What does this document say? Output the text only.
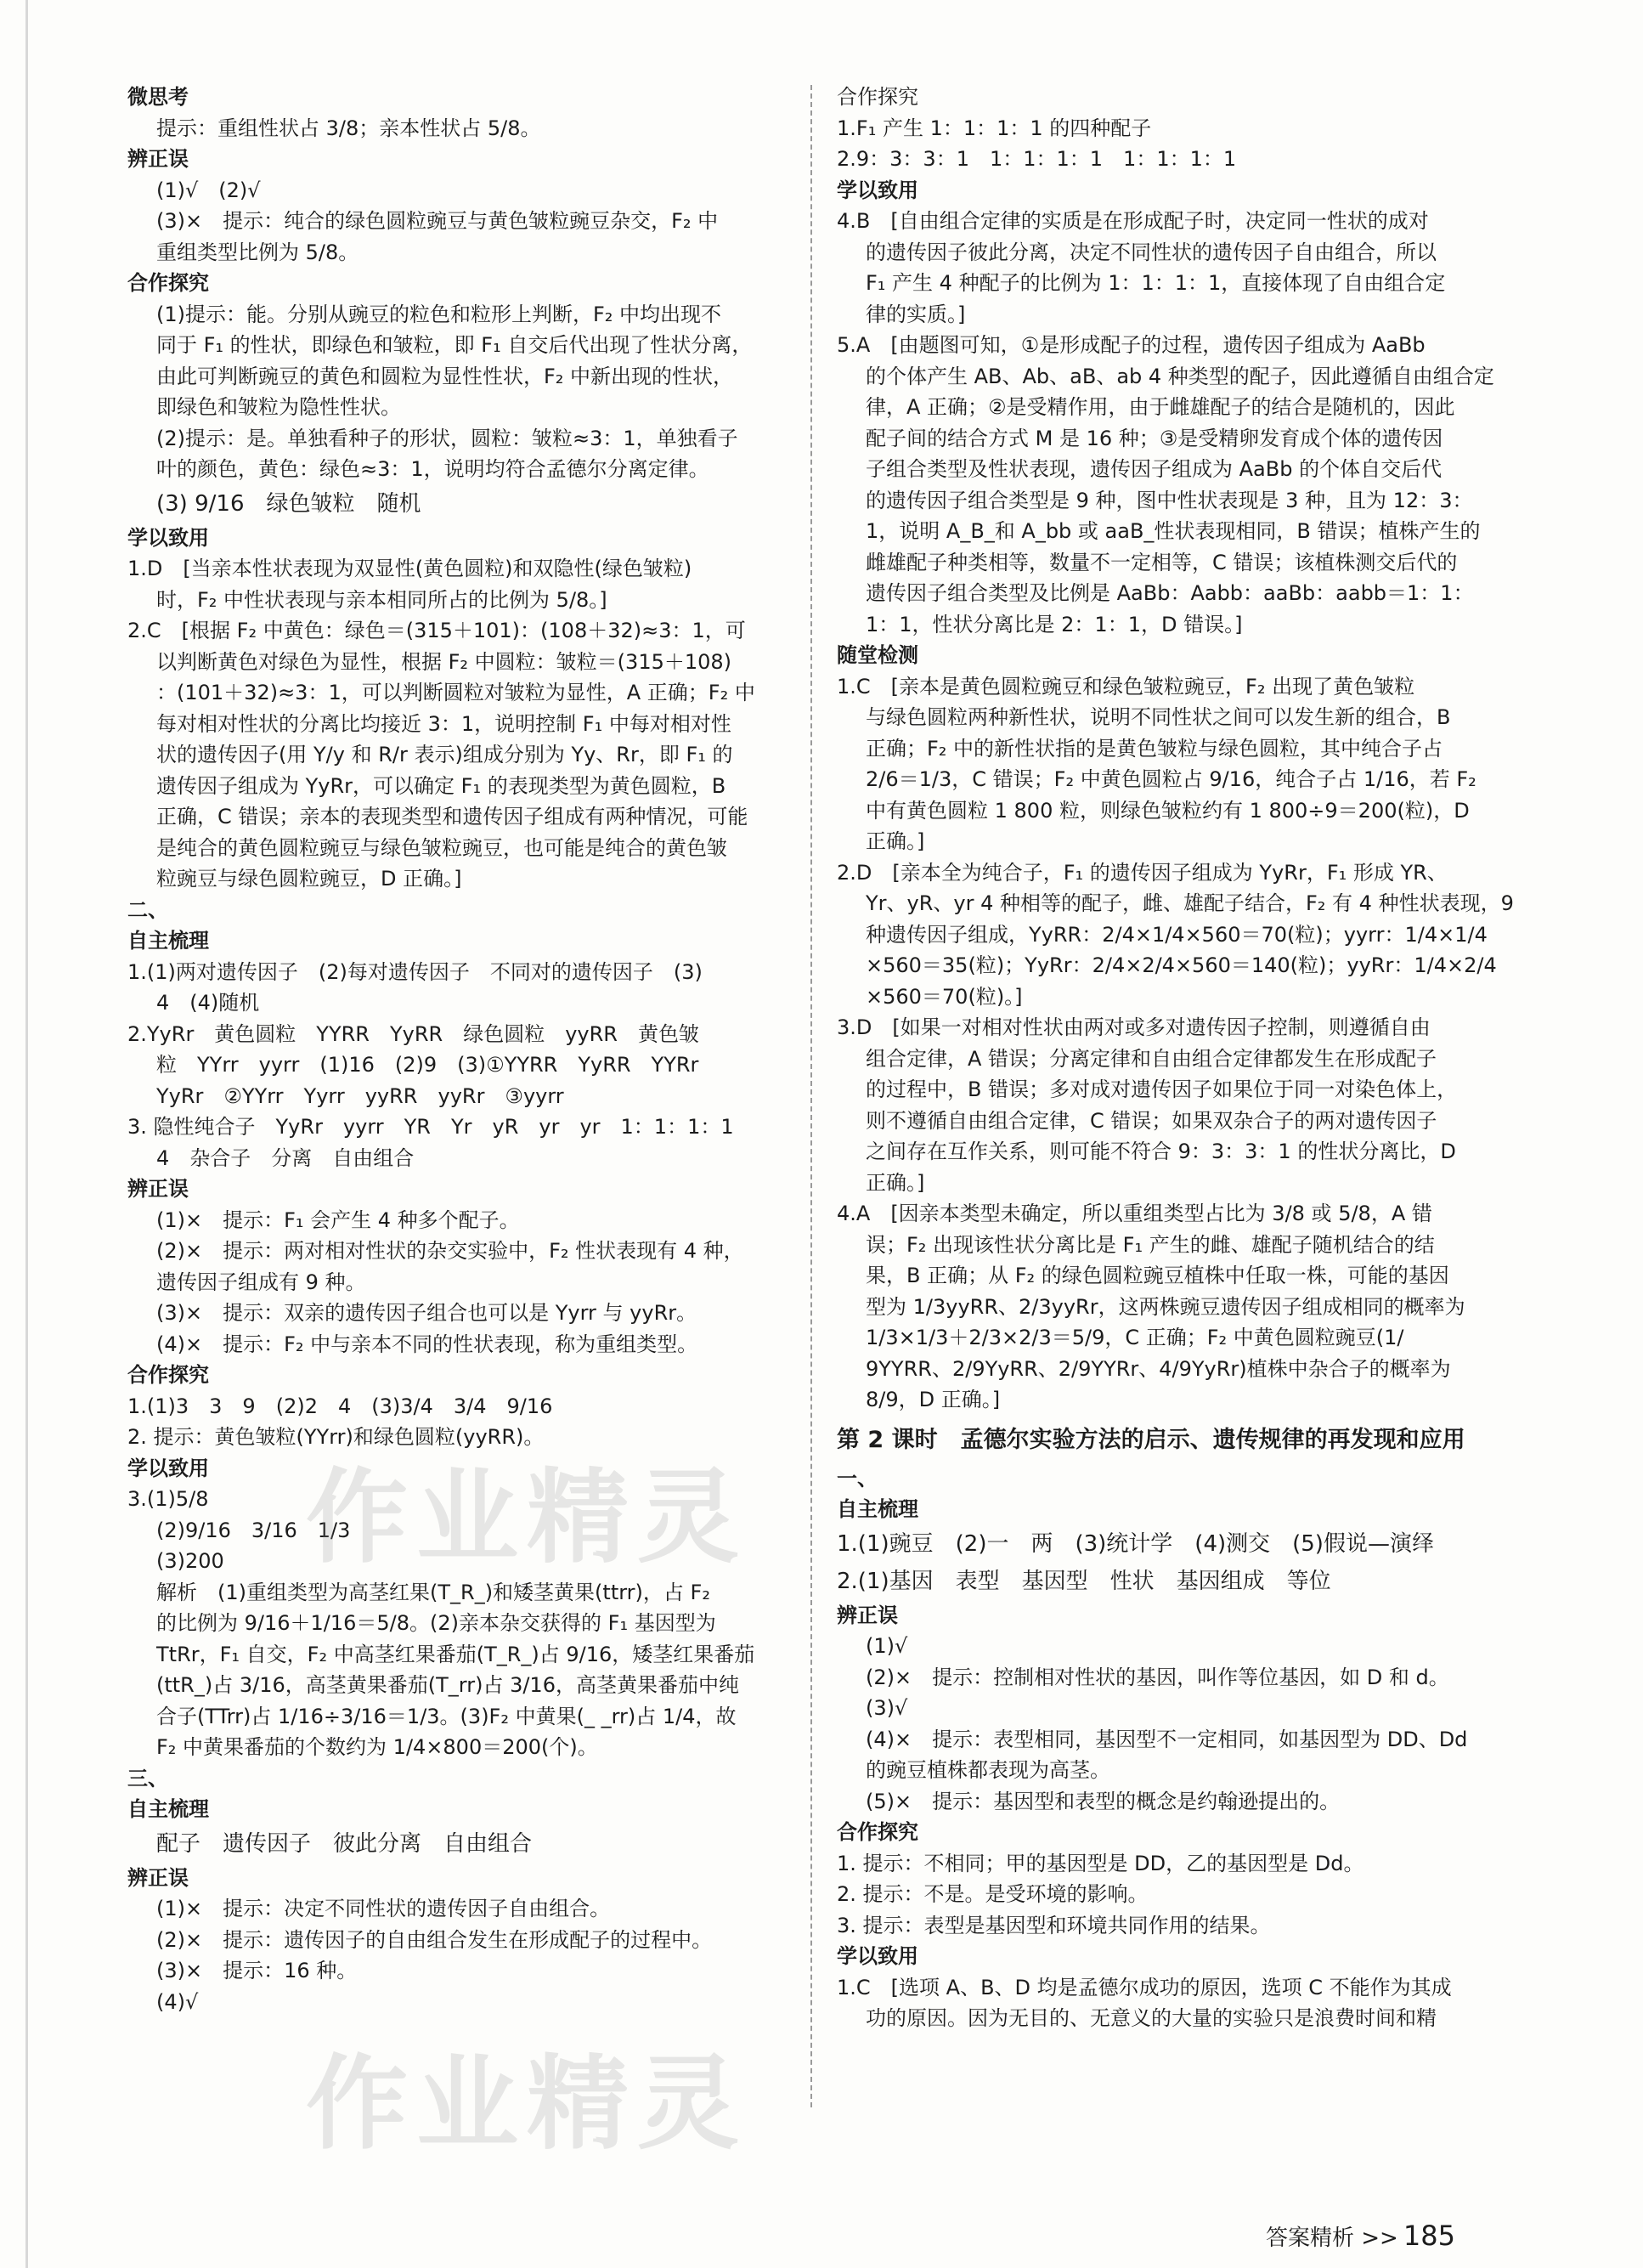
微思考
提示：重组性状占 3/8；亲本性状占 5/8。
辨正误
(1)√　(2)√
(3)×　提示：纯合的绿色圆粒豌豆与黄色皱粒豌豆杂交，F₂ 中
重组类型比例为 5/8。
合作探究
(1)提示：能。分别从豌豆的粒色和粒形上判断，F₂ 中均出现不
同于 F₁ 的性状，即绿色和皱粒，即 F₁ 自交后代出现了性状分离，
由此可判断豌豆的黄色和圆粒为显性性状，F₂ 中新出现的性状，
即绿色和皱粒为隐性性状。
(2)提示：是。单独看种子的形状，圆粒：皱粒≈3：1，单独看子
叶的颜色，黄色：绿色≈3：1，说明均符合孟德尔分离定律。
(3) 9/16　绿色皱粒　随机
学以致用
1.D　[当亲本性状表现为双显性(黄色圆粒)和双隐性(绿色皱粒)
时，F₂ 中性状表现与亲本相同所占的比例为 5/8。]
2.C　[根据 F₂ 中黄色：绿色＝(315＋101)：(108＋32)≈3：1，可
以判断黄色对绿色为显性，根据 F₂ 中圆粒：皱粒＝(315＋108)
：(101＋32)≈3：1，可以判断圆粒对皱粒为显性，A 正确；F₂ 中
每对相对性状的分离比均接近 3：1，说明控制 F₁ 中每对相对性
状的遗传因子(用 Y/y 和 R/r 表示)组成分别为 Yy、Rr，即 F₁ 的
遗传因子组成为 YyRr，可以确定 F₁ 的表现类型为黄色圆粒，B
正确，C 错误；亲本的表现类型和遗传因子组成有两种情况，可能
是纯合的黄色圆粒豌豆与绿色皱粒豌豆，也可能是纯合的黄色皱
粒豌豆与绿色圆粒豌豆，D 正确。]
二、
自主梳理
1.(1)两对遗传因子　(2)每对遗传因子　不同对的遗传因子　(3)
4　(4)随机
2.YyRr　黄色圆粒　YYRR　YyRR　绿色圆粒　yyRR　黄色皱
粒　YYrr　yyrr　(1)16　(2)9　(3)①YYRR　YyRR　YYRr
YyRr　②YYrr　Yyrr　yyRR　yyRr　③yyrr
3. 隐性纯合子　YyRr　yyrr　YR　Yr　yR　yr　yr　1：1：1：1
4　杂合子　分离　自由组合
辨正误
(1)×　提示：F₁ 会产生 4 种多个配子。
(2)×　提示：两对相对性状的杂交实验中，F₂ 性状表现有 4 种，
遗传因子组成有 9 种。
(3)×　提示：双亲的遗传因子组合也可以是 Yyrr 与 yyRr。
(4)×　提示：F₂ 中与亲本不同的性状表现，称为重组类型。
合作探究
1.(1)3　3　9　(2)2　4　(3)3/4　3/4　9/16
2. 提示：黄色皱粒(YYrr)和绿色圆粒(yyRR)。
学以致用
3.(1)5/8
(2)9/16　3/16　1/3
(3)200
解析　(1)重组类型为高茎红果(T_R_)和矮茎黄果(ttrr)，占 F₂
的比例为 9/16＋1/16＝5/8。(2)亲本杂交获得的 F₁ 基因型为
TtRr，F₁ 自交，F₂ 中高茎红果番茄(T_R_)占 9/16，矮茎红果番茄
(ttR_)占 3/16，高茎黄果番茄(T_rr)占 3/16，高茎黄果番茄中纯
合子(TTrr)占 1/16÷3/16＝1/3。(3)F₂ 中黄果(_ _rr)占 1/4，故
F₂ 中黄果番茄的个数约为 1/4×800＝200(个)。
三、
自主梳理
配子　遗传因子　彼此分离　自由组合
辨正误
(1)×　提示：决定不同性状的遗传因子自由组合。
(2)×　提示：遗传因子的自由组合发生在形成配子的过程中。
(3)×　提示：16 种。
(4)√
合作探究
1.F₁ 产生 1：1：1：1 的四种配子
2.9：3：3：1　1：1：1：1　1：1：1：1
学以致用
4.B　[自由组合定律的实质是在形成配子时，决定同一性状的成对
的遗传因子彼此分离，决定不同性状的遗传因子自由组合，所以
F₁ 产生 4 种配子的比例为 1：1：1：1，直接体现了自由组合定
律的实质。]
5.A　[由题图可知，①是形成配子的过程，遗传因子组成为 AaBb
的个体产生 AB、Ab、aB、ab 4 种类型的配子，因此遵循自由组合定
律，A 正确；②是受精作用，由于雌雄配子的结合是随机的，因此
配子间的结合方式 M 是 16 种；③是受精卵发育成个体的遗传因
子组合类型及性状表现，遗传因子组成为 AaBb 的个体自交后代
的遗传因子组合类型是 9 种，图中性状表现是 3 种，且为 12：3：
1，说明 A_B_和 A_bb 或 aaB_性状表现相同，B 错误；植株产生的
雌雄配子种类相等，数量不一定相等，C 错误；该植株测交后代的
遗传因子组合类型及比例是 AaBb：Aabb：aaBb：aabb＝1：1：
1：1，性状分离比是 2：1：1，D 错误。]
随堂检测
1.C　[亲本是黄色圆粒豌豆和绿色皱粒豌豆，F₂ 出现了黄色皱粒
与绿色圆粒两种新性状，说明不同性状之间可以发生新的组合，B
正确；F₂ 中的新性状指的是黄色皱粒与绿色圆粒，其中纯合子占
2/6＝1/3，C 错误；F₂ 中黄色圆粒占 9/16，纯合子占 1/16，若 F₂
中有黄色圆粒 1 800 粒，则绿色皱粒约有 1 800÷9＝200(粒)，D
正确。]
2.D　[亲本全为纯合子，F₁ 的遗传因子组成为 YyRr，F₁ 形成 YR、
Yr、yR、yr 4 种相等的配子，雌、雄配子结合，F₂ 有 4 种性状表现，9
种遗传因子组成，YyRR：2/4×1/4×560＝70(粒)；yyrr：1/4×1/4
×560＝35(粒)；YyRr：2/4×2/4×560＝140(粒)；yyRr：1/4×2/4
×560＝70(粒)。]
3.D　[如果一对相对性状由两对或多对遗传因子控制，则遵循自由
组合定律，A 错误；分离定律和自由组合定律都发生在形成配子
的过程中，B 错误；多对成对遗传因子如果位于同一对染色体上，
则不遵循自由组合定律，C 错误；如果双杂合子的两对遗传因子
之间存在互作关系，则可能不符合 9：3：3：1 的性状分离比，D
正确。]
4.A　[因亲本类型未确定，所以重组类型占比为 3/8 或 5/8，A 错
误；F₂ 出现该性状分离比是 F₁ 产生的雌、雄配子随机结合的结
果，B 正确；从 F₂ 的绿色圆粒豌豆植株中任取一株，可能的基因
型为 1/3yyRR、2/3yyRr，这两株豌豆遗传因子组成相同的概率为
1/3×1/3＋2/3×2/3＝5/9，C 正确；F₂ 中黄色圆粒豌豆(1/
9YYRR、2/9YyRR、2/9YYRr、4/9YyRr)植株中杂合子的概率为
8/9，D 正确。]
第 2 课时　孟德尔实验方法的启示、遗传规律的再发现和应用
一、
自主梳理
1.(1)豌豆　(2)一　两　(3)统计学　(4)测交　(5)假说—演绎
2.(1)基因　表型　基因型　性状　基因组成　等位
辨正误
(1)√
(2)×　提示：控制相对性状的基因，叫作等位基因，如 D 和 d。
(3)√
(4)×　提示：表型相同，基因型不一定相同，如基因型为 DD、Dd
的豌豆植株都表现为高茎。
(5)×　提示：基因型和表型的概念是约翰逊提出的。
合作探究
1. 提示：不相同；甲的基因型是 DD，乙的基因型是 Dd。
2. 提示：不是。是受环境的影响。
3. 提示：表型是基因型和环境共同作用的结果。
学以致用
1.C　[选项 A、B、D 均是孟德尔成功的原因，选项 C 不能作为其成
功的原因。因为无目的、无意义的大量的实验只是浪费时间和精
作业精灵
作业精灵
答案精析 >> 185
